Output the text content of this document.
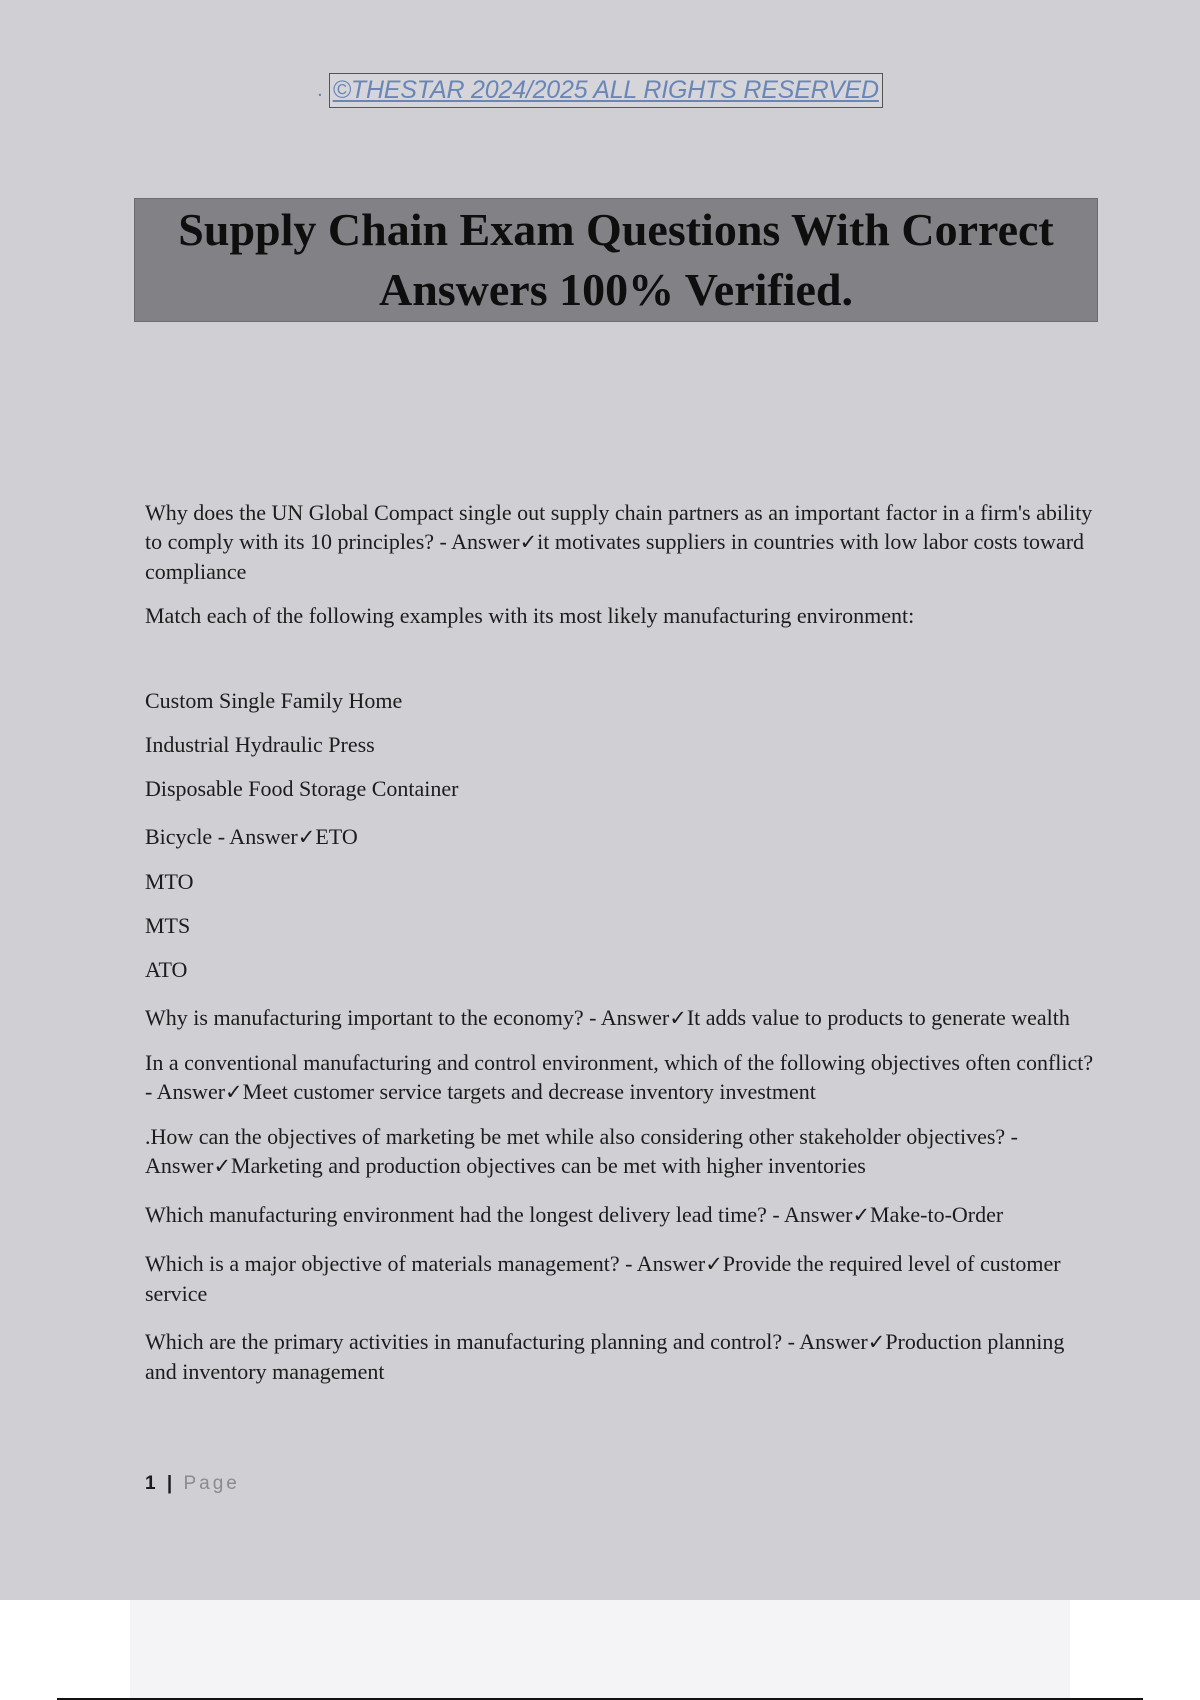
. ©THESTAR 2024/2025 ALL RIGHTS RESERVED
Supply Chain Exam Questions With Correct
Answers 100% Verified.

Why does the UN Global Compact single out supply chain partners as an important factor in a firm's ability to comply with its 10 principles? - Answer✓it motivates suppliers in countries with low labor costs toward compliance

Match each of the following examples with its most likely manufacturing environment:

Custom Single Family Home

Industrial Hydraulic Press

Disposable Food Storage Container

Bicycle - Answer✓ETO

MTO

MTS

ATO

Why is manufacturing important to the economy? - Answer✓It adds value to products to generate wealth

In a conventional manufacturing and control environment, which of the following objectives often conflict? - Answer✓Meet customer service targets and decrease inventory investment

.How can the objectives of marketing be met while also considering other stakeholder objectives? - Answer✓Marketing and production objectives can be met with higher inventories

Which manufacturing environment had the longest delivery lead time? - Answer✓Make-to-Order

Which is a major objective of materials management? - Answer✓Provide the required level of customer service

Which are the primary activities in manufacturing planning and control? - Answer✓Production planning and inventory management

1 | Page
